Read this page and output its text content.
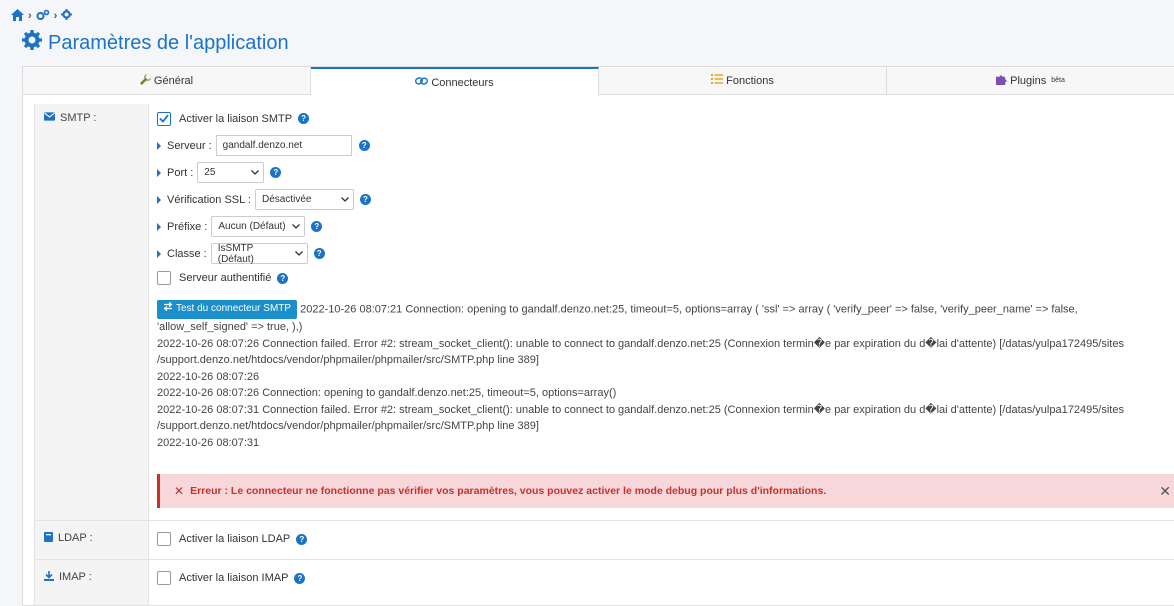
› ›
Paramètres de l'application
Général	Connecteurs	Fonctions	Plugins bêta
SMTP :	Activer la liaison SMTP	?
Serveur :
gandalf.denzo.net	?
Port : 25	?
Vérification SSL : Désactivée	?
Préfixe : Aucun (Défaut)	?
Classe : IsSMTP (Défaut)	?
Serveur authentifié	?
Test du connecteur SMTP 2022-10-26 08:07:21 Connection: opening to gandalf.denzo.net:25, timeout=5, options=array ( 'ssl' => array ( 'verify_peer' => false, 'verify_peer_name' => false, 'allow_self_signed' => true, ),)
2022-10-26 08:07:26 Connection failed. Error #2: stream_socket_client(): unable to connect to gandalf.denzo.net:25 (Connexion termin�e par expiration du d�lai d'attente) [/datas/yulpa172495/sites /support.denzo.net/htdocs/vendor/phpmailer/phpmailer/src/SMTP.php line 389]
2022-10-26 08:07:26
2022-10-26 08:07:26 Connection: opening to gandalf.denzo.net:25, timeout=5, options=array()
2022-10-26 08:07:31 Connection failed. Error #2: stream_socket_client(): unable to connect to gandalf.denzo.net:25 (Connexion termin�e par expiration du d�lai d'attente) [/datas/yulpa172495/sites /support.denzo.net/htdocs/vendor/phpmailer/phpmailer/src/SMTP.php line 389]
2022-10-26 08:07:31
✕ Erreur : Le connecteur ne fonctionne pas vérifier vos paramètres, vous pouvez activer le mode debug pour plus d'informations.	✕
LDAP :	Activer la liaison LDAP	?
IMAP :	Activer la liaison IMAP	?
